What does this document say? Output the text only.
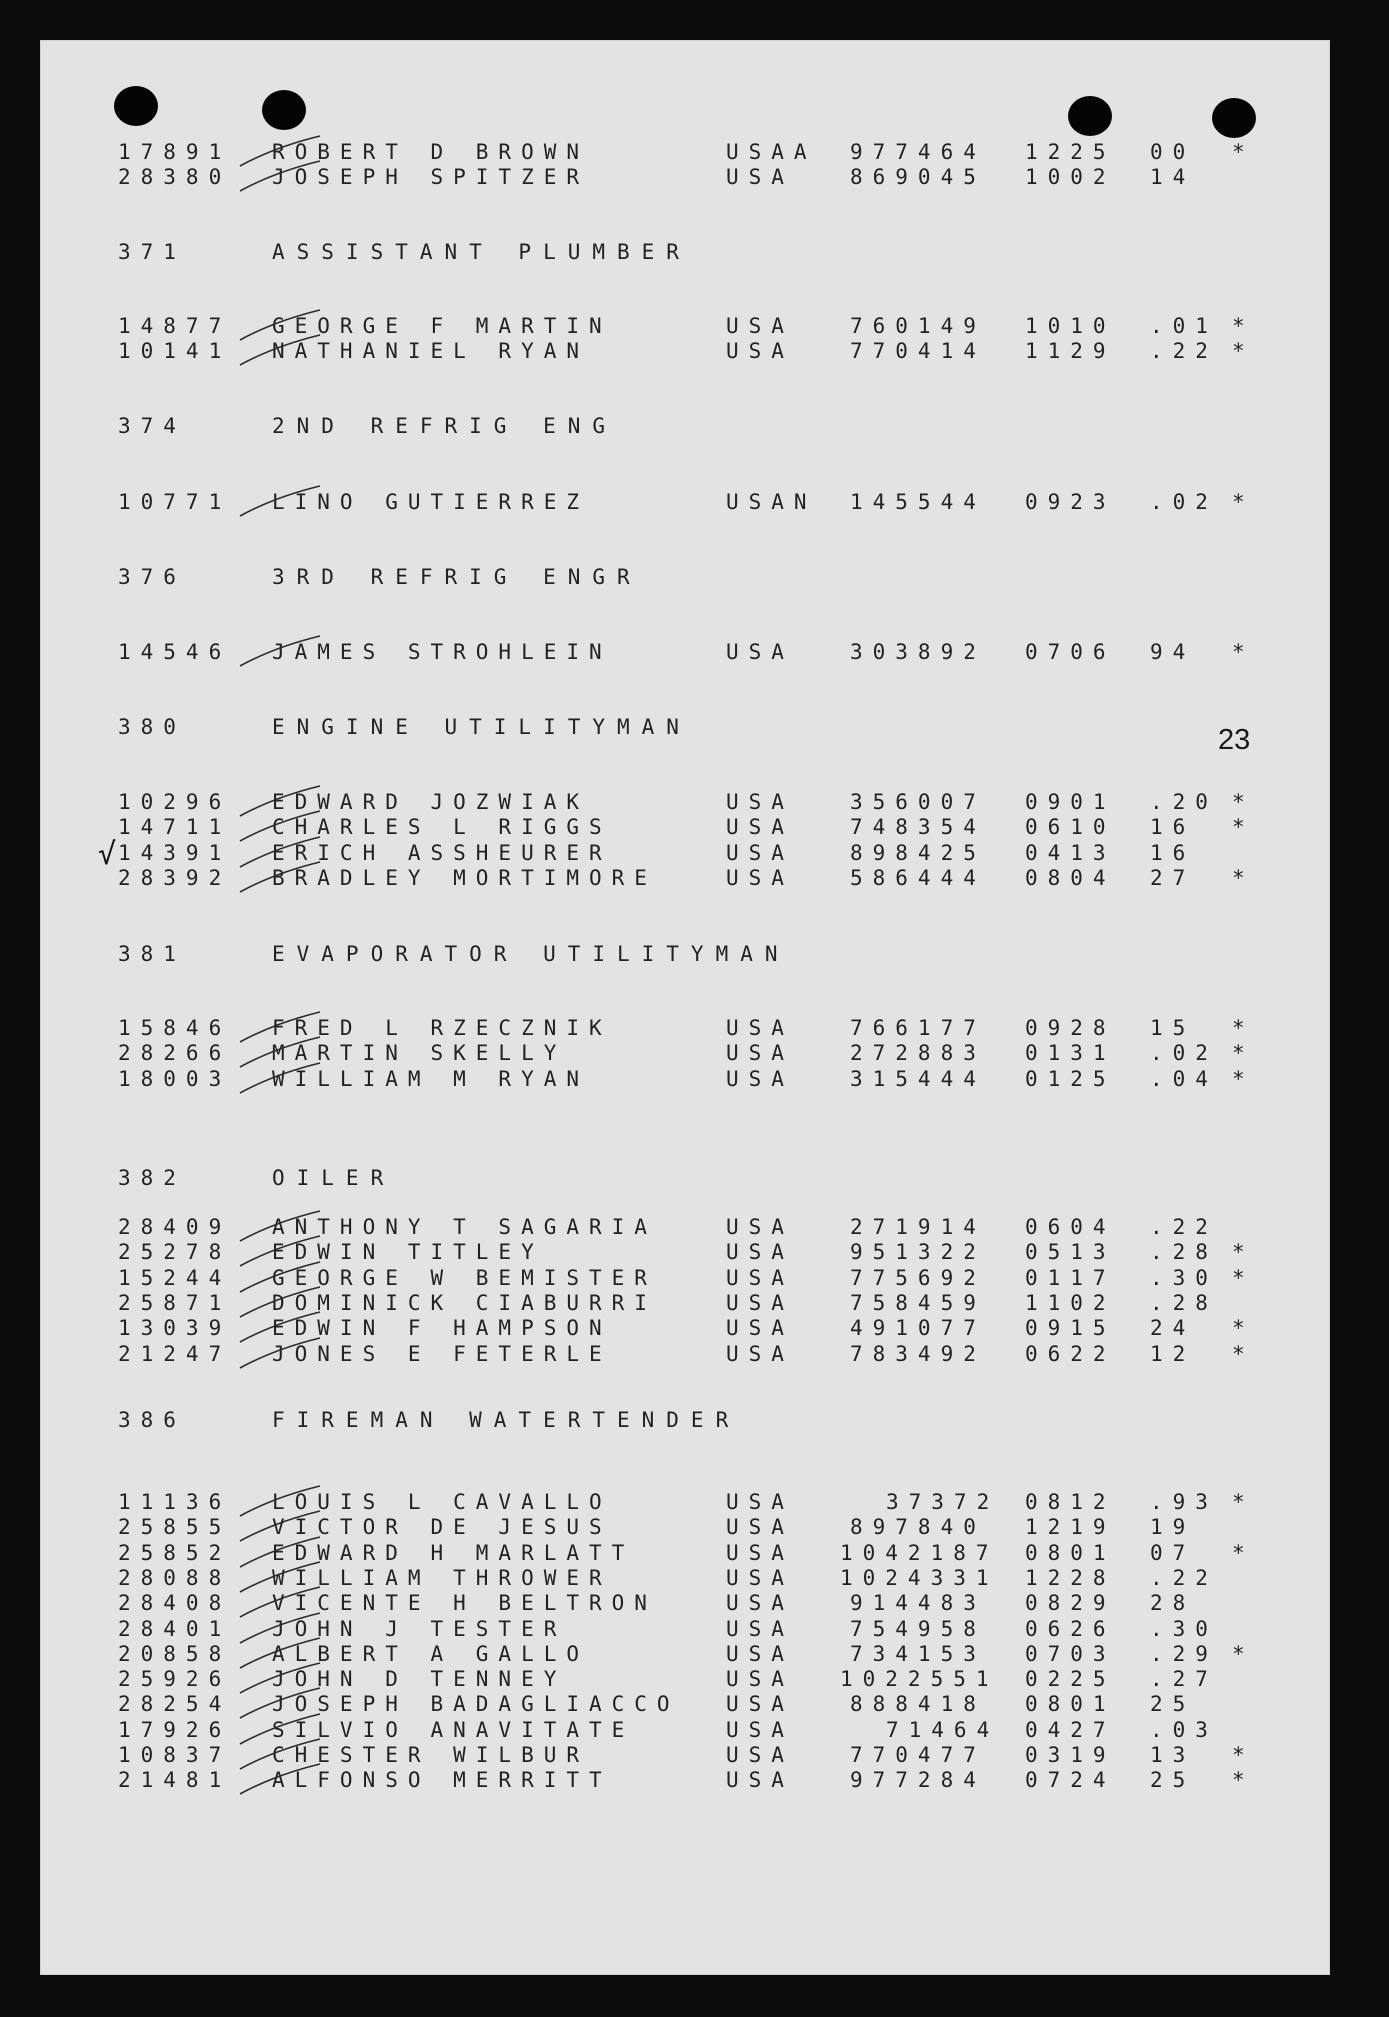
23
17891 ROBERT D BROWN	USAA 977464 1225 00 *
28380 JOSEPH SPITZER	USA	869045 1002 14
371	ASSISTANT PLUMBER
14877 GEORGE F MARTIN	USA	760149 1010 .01 *
10141 NATHANIEL RYAN	USA	770414 1129 .22 *
374	2ND REFRIG ENG
10771 LINO GUTIERREZ	USAN 145544 0923 .02 *
376	3RD REFRIG ENGR
14546 JAMES STROHLEIN	USA	303892 0706 94 *
380	ENGINE UTILITYMAN
10296 EDWARD JOZWIAK	USA	356007 0901 .20 *
14711 CHARLES L RIGGS	USA	748354 0610 16 *
14391 ERICH ASSHEURER	USA	898425 0413 16
√
28392 BRADLEY MORTIMORE	USA	586444 0804 27 *
381	EVAPORATOR UTILITYMAN
15846 FRED L RZECZNIK	USA	766177 0928 15 *
28266 MARTIN SKELLY	USA	272883 0131 .02 *
18003 WILLIAM M RYAN	USA	315444 0125 .04 *
382	OILER
28409 ANTHONY T SAGARIA	USA	271914 0604 .22
25278 EDWIN TITLEY	USA	951322 0513 .28 *
15244 GEORGE W BEMISTER	USA	775692 0117 .30 *
25871 DOMINICK CIABURRI	USA	758459 1102 .28
13039 EDWIN F HAMPSON	USA	491077 0915 24 *
21247 JONES E FETERLE	USA	783492 0622 12 *
386	FIREMAN WATERTENDER
11136 LOUIS L CAVALLO	USA	37372 0812 .93 *
25855 VICTOR DE JESUS	USA	897840 1219 19
25852 EDWARD H MARLATT	USA 1042187 0801 07 *
28088 WILLIAM THROWER	USA 1024331 1228 .22
28408 VICENTE H BELTRON	USA	914483 0829 28
28401 JOHN J TESTER	USA	754958 0626 .30
20858 ALBERT A GALLO	USA	734153 0703 .29 *
25926 JOHN D TENNEY	USA 1022551 0225 .27
28254 JOSEPH BADAGLIACCO USA	888418 0801 25
17926 SILVIO ANAVITATE	USA	71464 0427 .03
10837 CHESTER WILBUR	USA	770477 0319 13 *
21481 ALFONSO MERRITT	USA	977284 0724 25 *
